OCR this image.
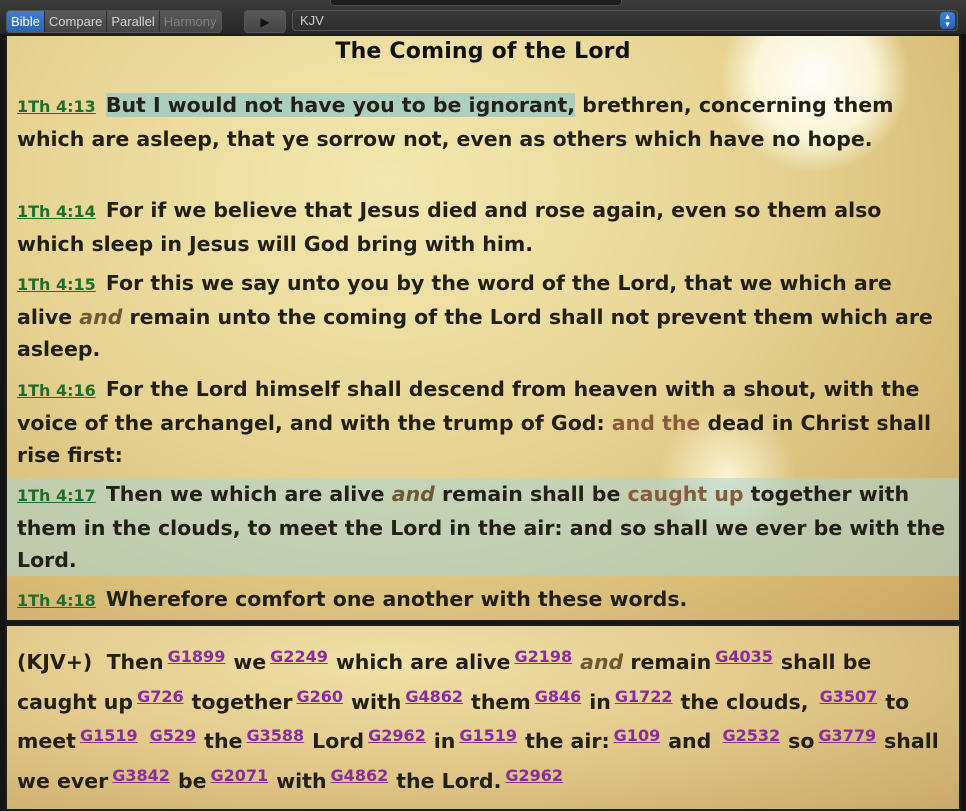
Bible Compare Parallel Harmony	▶	KJV	▴
▾
The Coming of the Lord
1Th 4:13 But I would not have you to be ignorant, brethren, concerning them which are asleep, that ye sorrow not, even as others which have no hope.
1Th 4:14 For if we believe that Jesus died and rose again, even so them also which sleep in Jesus will God bring with him.
1Th 4:15 For this we say unto you by the word of the Lord, that we which are alive and remain unto the coming of the Lord shall not prevent them which are asleep.
1Th 4:16 For the Lord himself shall descend from heaven with a shout, with the voice of the archangel, and with the trump of God: and the dead in Christ shall rise first:
1Th 4:17 Then we which are alive and remain shall be caught up together with them in the clouds, to meet the Lord in the air: and so shall we ever be with the Lord.
1Th 4:18 Wherefore comfort one another with these words.
(KJV+) Then $^{G1899}$ we $^{G2249}$ which are alive $^{G2198}$ and remain $^{G4035}$ shall be caught up $^{G726}$ together $^{G260}$ with $^{G4862}$ them $^{G846}$ in $^{G1722}$ the clouds, $^{G3507}$ to meet $^{G1519}$ $^{G529}$ the $^{G3588}$ Lord $^{G2962}$ in $^{G1519}$ the air: $^{G109}$ and $^{G2532}$ so $^{G3779}$ shall we ever $^{G3842}$ be $^{G2071}$ with $^{G4862}$ the Lord. $^{G2962}$
